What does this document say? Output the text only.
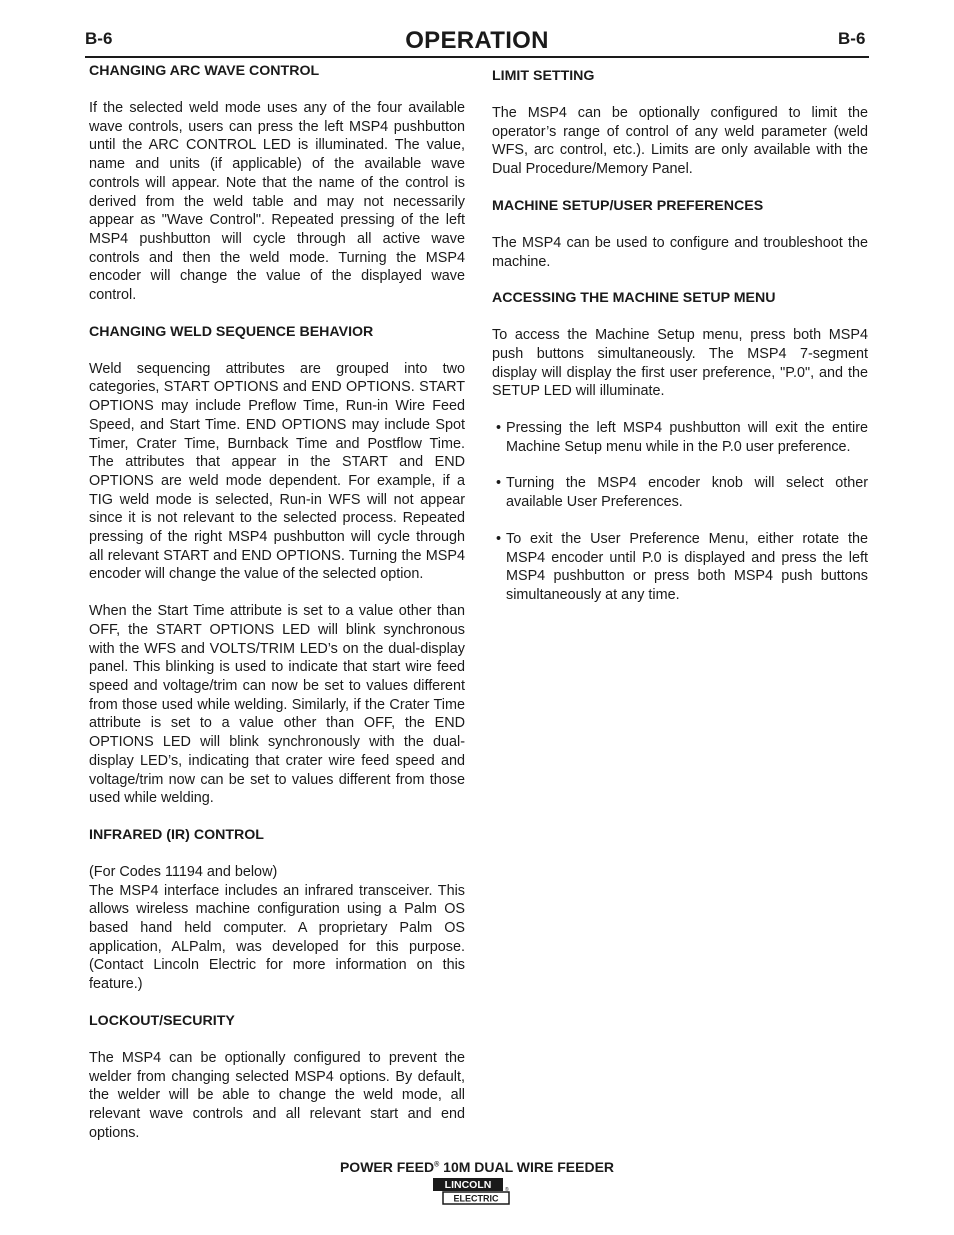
B-6	OPERATION	B-6

CHANGING ARC WAVE CONTROL

If the selected weld mode uses any of the four available wave controls, users can press the left MSP4 pushbutton until the ARC CONTROL LED is illuminated. The value, name and units (if applicable) of the available wave controls will appear. Note that the name of the control is derived from the weld table and may not necessarily appear as "Wave Control". Repeated pressing of the left MSP4 pushbutton will cycle through all active wave controls and then the weld mode. Turning the MSP4 encoder will change the value of the displayed wave control.

CHANGING WELD SEQUENCE BEHAVIOR

Weld sequencing attributes are grouped into two categories, START OPTIONS and END OPTIONS. START OPTIONS may include Preflow Time, Run-in Wire Feed Speed, and Start Time. END OPTIONS may include Spot Timer, Crater Time, Burnback Time and Postflow Time. The attributes that appear in the START and END OPTIONS are weld mode dependent. For example, if a TIG weld mode is selected, Run-in WFS will not appear since it is not relevant to the selected process. Repeated pressing of the right MSP4 pushbutton will cycle through all relevant START and END OPTIONS. Turning the MSP4 encoder will change the value of the selected option.

When the Start Time attribute is set to a value other than OFF, the START OPTIONS LED will blink synchronous with the WFS and VOLTS/TRIM LED’s on the dual-display panel. This blinking is used to indicate that start wire feed speed and voltage/trim can now be set to values different from those used while welding. Similarly, if the Crater Time attribute is set to a value other than OFF, the END OPTIONS LED will blink synchronously with the dual-display LED’s, indicating that crater wire feed speed and voltage/trim now can be set to values different from those used while welding.

INFRARED (IR) CONTROL

(For Codes 11194 and below)

The MSP4 interface includes an infrared transceiver. This allows wireless machine configuration using a Palm OS based hand held computer. A proprietary Palm OS application, ALPalm, was developed for this purpose. (Contact Lincoln Electric for more information on this feature.)

LOCKOUT/SECURITY

The MSP4 can be optionally configured to prevent the welder from changing selected MSP4 options. By default, the welder will be able to change the weld mode, all relevant wave controls and all relevant start and end options.

LIMIT SETTING

The MSP4 can be optionally configured to limit the operator’s range of control of any weld parameter (weld WFS, arc control, etc.). Limits are only available with the Dual Procedure/Memory Panel.

MACHINE SETUP/USER PREFERENCES

The MSP4 can be used to configure and troubleshoot the machine.

ACCESSING THE MACHINE SETUP MENU

To access the Machine Setup menu, press both MSP4 push buttons simultaneously. The MSP4 7-segment display will display the first user preference, "P.0", and the SETUP LED will illuminate.

• Pressing the left MSP4 pushbutton will exit the entire Machine Setup menu while in the P.0 user preference.

• Turning the MSP4 encoder knob will select other available User Preferences.

• To exit the User Preference Menu, either rotate the MSP4 encoder until P.0 is displayed and press the left MSP4 pushbutton or press both MSP4 push buttons simultaneously at any time.

POWER FEED® 10M DUAL WIRE FEEDER
LINCOLN
ELECTRIC
®
